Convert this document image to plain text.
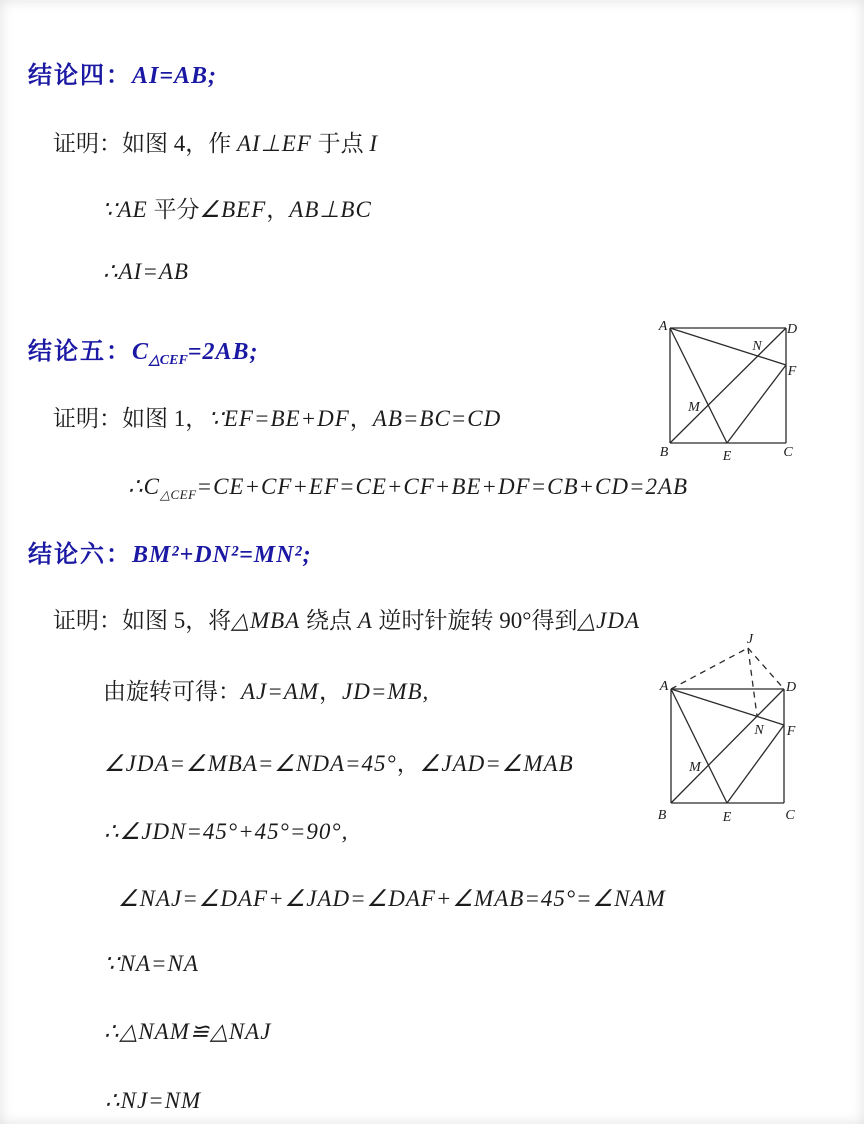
结论四：AI=AB;
证明：如图 4，作 AI⊥EF 于点 I
∵AE 平分∠BEF，AB⊥BC
∴AI=AB
结论五：$C_{\triangle CEF}=2AB$;
证明：如图 1，∵EF=BE+DF，AB=BC=CD
$\therefore C_{\triangle CEF}=CE+CF+EF=CE+CF+BE+DF=CB+CD=2AB$
结论六：BM²+DN²=MN²;
证明：如图 5，将△MBA 绕点 A 逆时针旋转 90°得到△JDA
由旋转可得：AJ=AM，JD=MB,
∠JDA=∠MBA=∠NDA=45°，∠JAD=∠MAB
∴∠JDN=45°+45°=90°,
∠NAJ=∠DAF+∠JAD=∠DAF+∠MAB=45°=∠NAM
∵NA=NA
∴△NAM≌△NAJ
∴NJ=NM
A	D
B	C
E
F
M
N
J
A	D
B	C
E
F
M
N
